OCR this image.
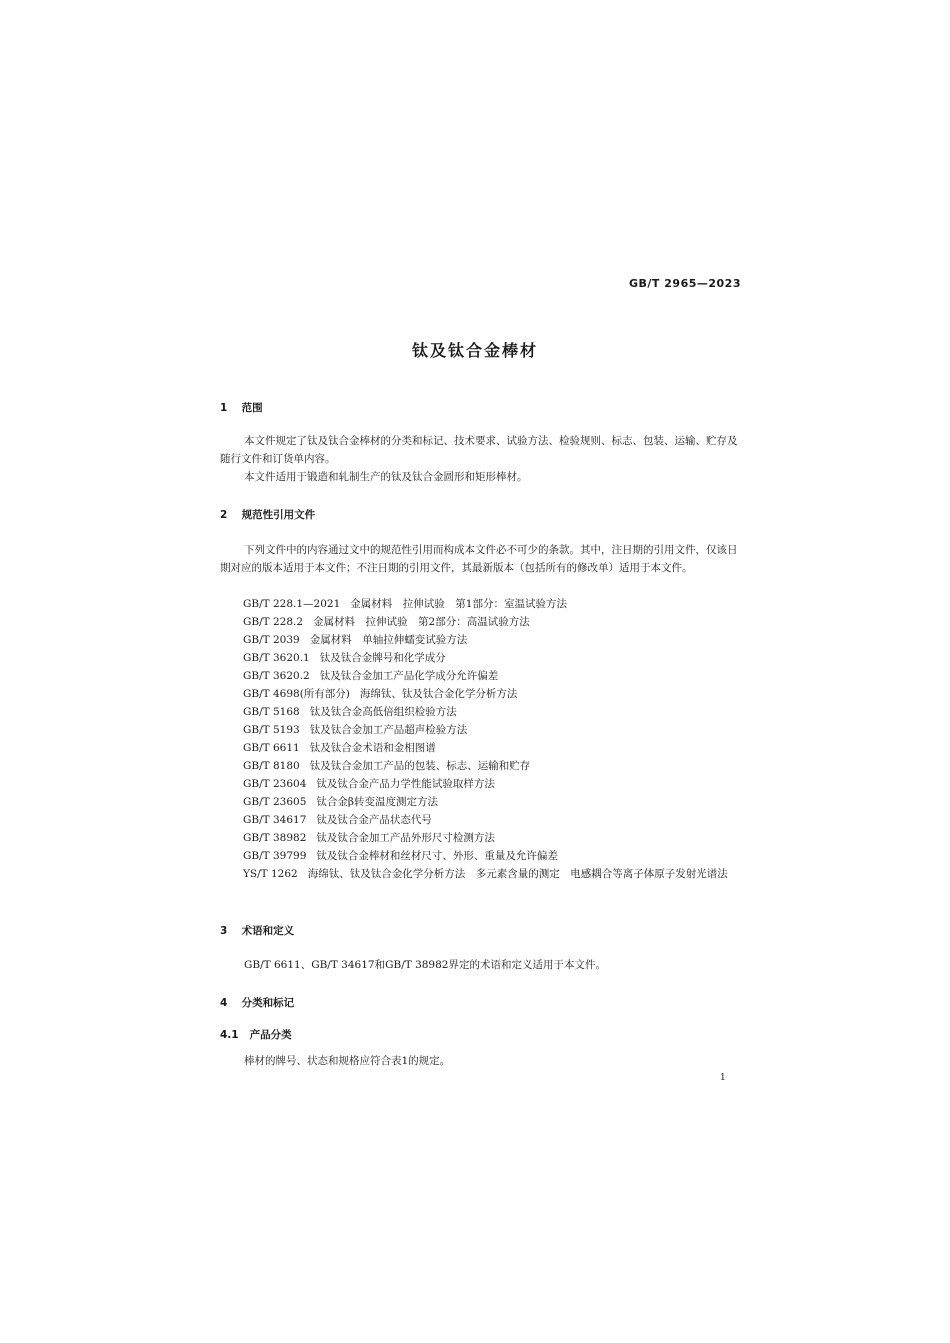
GB/T 2965—2023
钛及钛合金棒材
1 范围
本文件规定了钛及钛合金棒材的分类和标记、技术要求、试验方法、检验规则、标志、包装、运输、贮存及随行文件和订货单内容。
本文件适用于锻造和轧制生产的钛及钛合金圆形和矩形棒材。
2 规范性引用文件
下列文件中的内容通过文中的规范性引用而构成本文件必不可少的条款。其中，注日期的引用文件，仅该日期对应的版本适用于本文件；不注日期的引用文件，其最新版本（包括所有的修改单）适用于本文件。
GB/T 228.1—2021 金属材料　拉伸试验　第1部分：室温试验方法
GB/T 228.2 金属材料　拉伸试验　第2部分：高温试验方法
GB/T 2039 金属材料　单轴拉伸蠕变试验方法
GB/T 3620.1 钛及钛合金牌号和化学成分
GB/T 3620.2 钛及钛合金加工产品化学成分允许偏差
GB/T 4698(所有部分) 海绵钛、钛及钛合金化学分析方法
GB/T 5168 钛及钛合金高低倍组织检验方法
GB/T 5193 钛及钛合金加工产品超声检验方法
GB/T 6611 钛及钛合金术语和金相图谱
GB/T 8180 钛及钛合金加工产品的包装、标志、运输和贮存
GB/T 23604 钛及钛合金产品力学性能试验取样方法
GB/T 23605 钛合金β转变温度测定方法
GB/T 34617 钛及钛合金产品状态代号
GB/T 38982 钛及钛合金加工产品外形尺寸检测方法
GB/T 39799 钛及钛合金棒材和丝材尺寸、外形、重量及允许偏差
YS/T 1262 海绵钛、钛及钛合金化学分析方法　多元素含量的测定　电感耦合等离子体原子发射光谱法
3 术语和定义
GB/T 6611、GB/T 34617和GB/T 38982界定的术语和定义适用于本文件。
4 分类和标记
4.1 产品分类
棒材的牌号、状态和规格应符合表1的规定。
1
